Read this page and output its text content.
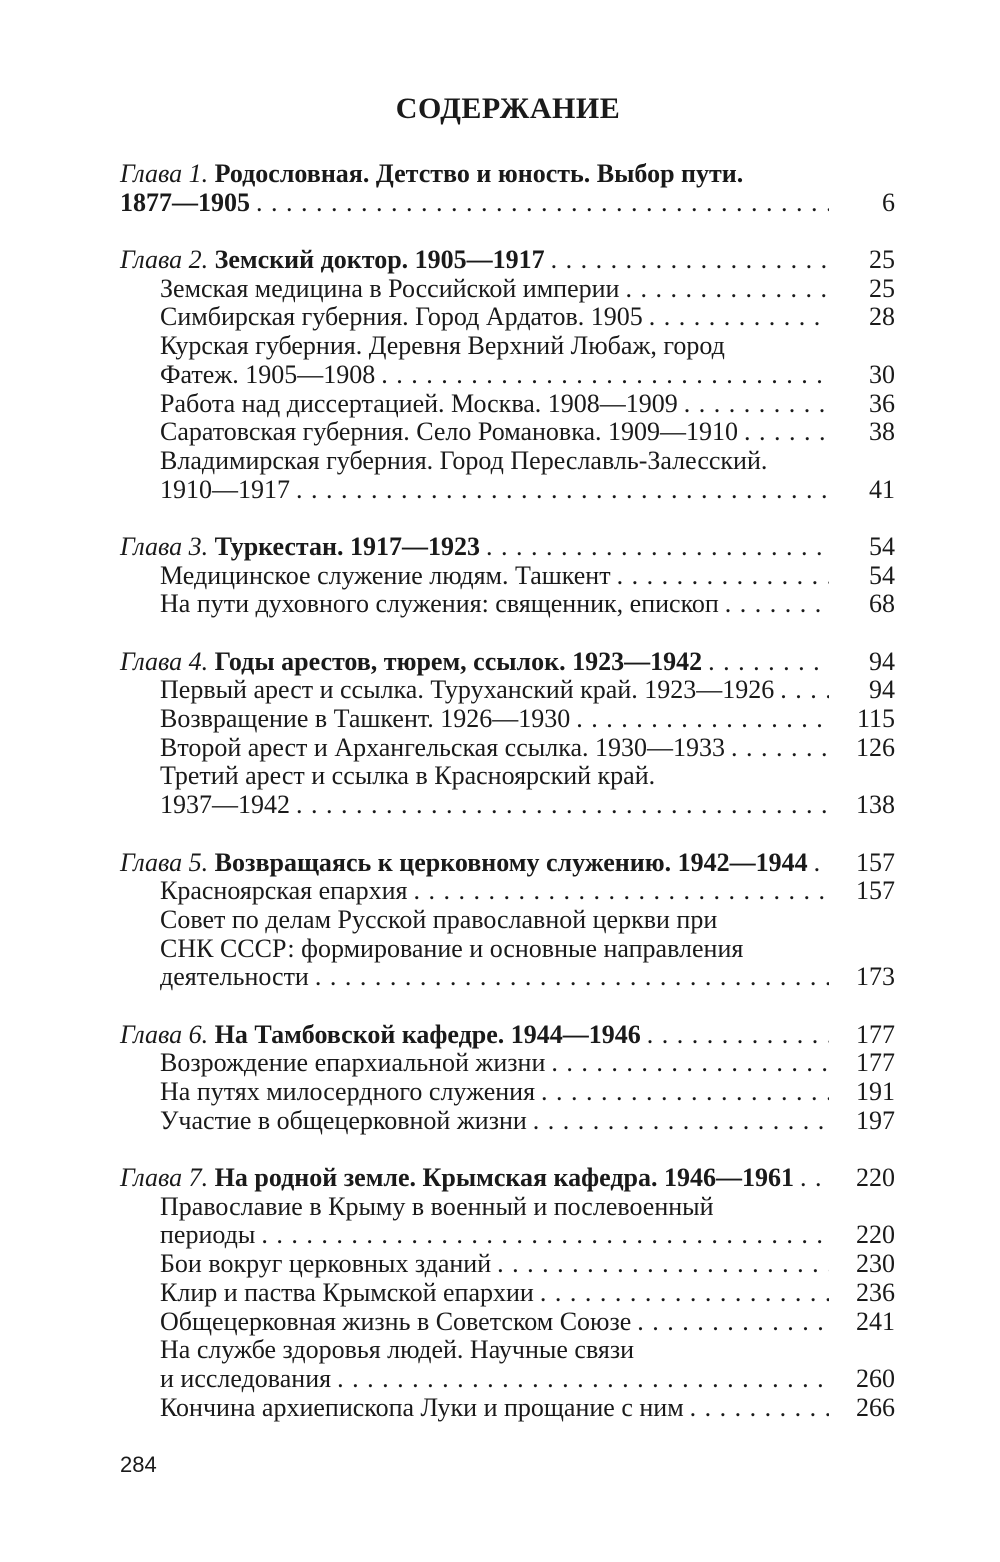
СОДЕРЖАНИЕ
Глава 1. Родословная. Детство и юность. Выбор пути.
1877—1905 . . .	6
Глава 2. Земский доктор. 1905—1917 . . .	25
Земская медицина в Российской империи . . .	25
Симбирская губерния. Город Ардатов. 1905 . . .	28
Курская губерния. Деревня Верхний Любаж, город
Фатеж. 1905—1908 . . .	30
Работа над диссертацией. Москва. 1908—1909 . . .	36
Саратовская губерния. Село Романовка. 1909—1910 . . .	38
Владимирская губерния. Город Переславль-Залесский.
1910—1917 . . .	41
Глава 3. Туркестан. 1917—1923 . . .	54
Медицинское служение людям. Ташкент . . .	54
На пути духовного служения: священник, епископ . . .	68
Глава 4. Годы арестов, тюрем, ссылок. 1923—1942 . . .	94
Первый арест и ссылка. Туруханский край. 1923—1926 . . .	94
Возвращение в Ташкент. 1926—1930 . . .	115
Второй арест и Архангельская ссылка. 1930—1933 . . .	126
Третий арест и ссылка в Красноярский край.
1937—1942 . . .	138
Глава 5. Возвращаясь к церковному служению. 1942—1944 . . .	157
Красноярская епархия . . .	157
Совет по делам Русской православной церкви при
СНК СССР: формирование и основные направления
деятельности . . .	173
Глава 6. На Тамбовской кафедре. 1944—1946 . . .	177
Возрождение епархиальной жизни . . .	177
На путях милосердного служения . . .	191
Участие в общецерковной жизни . . .	197
Глава 7. На родной земле. Крымская кафедра. 1946—1961 . . .	220
Православие в Крыму в военный и послевоенный
периоды . . .	220
Бои вокруг церковных зданий . . .	230
Клир и паства Крымской епархии . . .	236
Общецерковная жизнь в Советском Союзе . . .	241
На службе здоровья людей. Научные связи
и исследования . . .	260
Кончина архиепископа Луки и прощание с ним . . .	266
284
